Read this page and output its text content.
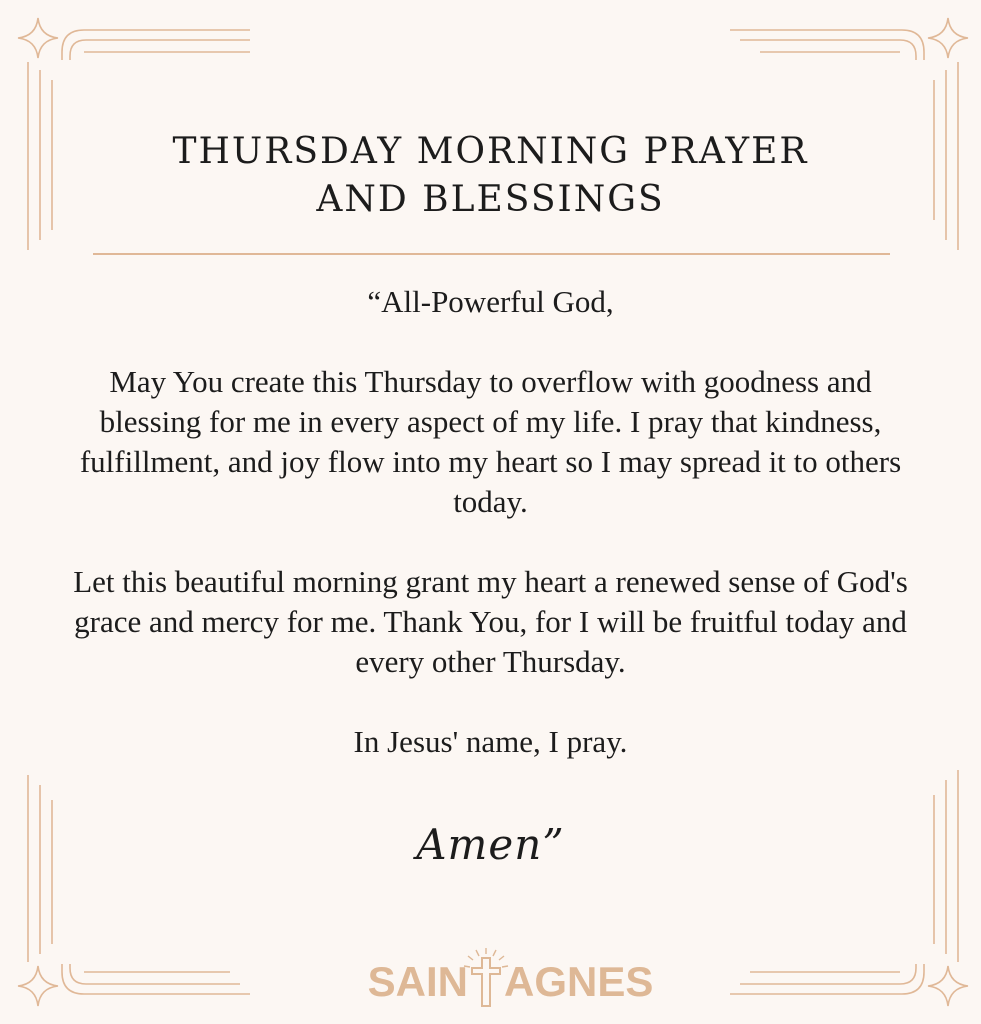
THURSDAY MORNING PRAYER
AND BLESSINGS

“All-Powerful God,

May You create this Thursday to overflow with goodness and blessing for me in every aspect of my life. I pray that kindness, fulfillment, and joy flow into my heart so I may spread it to others today.

Let this beautiful morning grant my heart a renewed sense of God's grace and mercy for me. Thank You, for I will be fruitful today and every other Thursday.

In Jesus' name, I pray.

Amen”
SAIN AGNES
